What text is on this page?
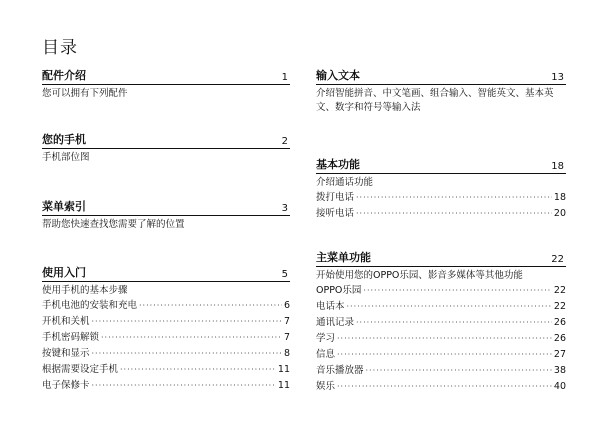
目录
配件介绍	1
您可以拥有下列配件
您的手机	2
手机部位图
菜单索引	3
帮助您快速查找您需要了解的位置
使用入门	5
使用手机的基本步骤
手机电池的安装和充电 ·····	6
开机和关机 ·····	7
手机密码解锁 ·····	7
按键和显示 ·····	8
根据需要设定手机 ·····	11
电子保修卡 ·····	11
输入文本	13
介绍智能拼音、中文笔画、组合输入、智能英文、基本英文、数字和符号等输入法
基本功能	18
介绍通话功能
拨打电话 ·····	18
接听电话 ·····	20
主菜单功能	22
开始使用您的OPPO乐园、影音多媒体等其他功能
OPPO乐园 ·····	22
电话本 ·····	22
通讯记录 ·····	26
学习 ·····	26
信息 ·····	27
音乐播放器 ·····	38
娱乐 ·····	40
